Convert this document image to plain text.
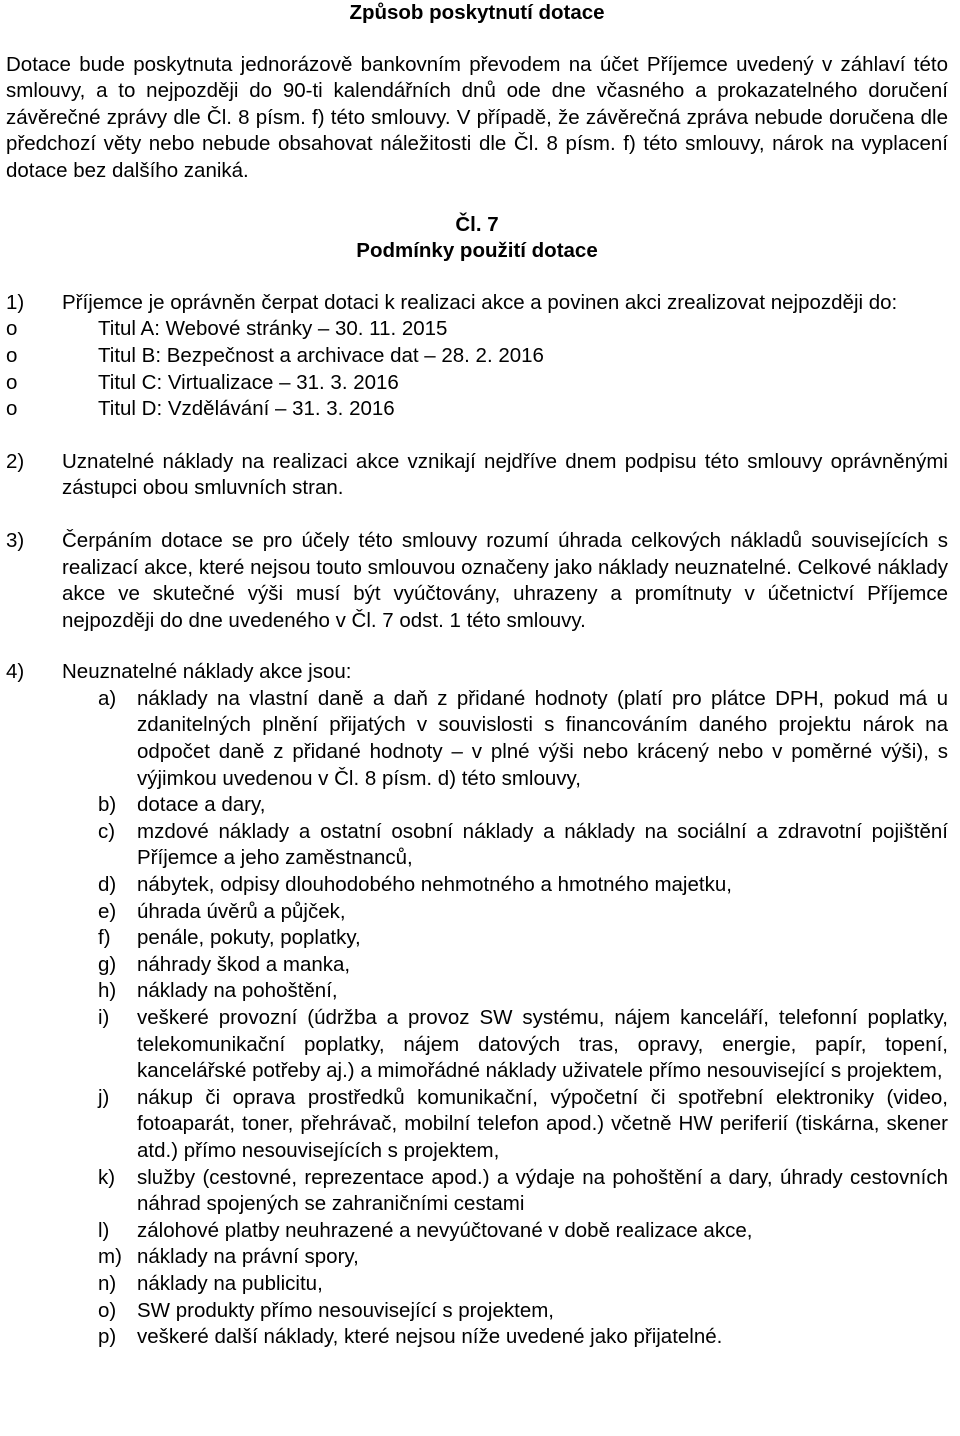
Způsob poskytnutí dotace

Dotace bude poskytnuta jednorázově bankovním převodem na účet Příjemce uvedený v záhlaví této smlouvy, a to nejpozději do 90-ti kalendářních dnů ode dne včasného a prokazatelného doručení závěrečné zprávy dle Čl. 8 písm. f) této smlouvy. V případě, že závěrečná zpráva nebude doručena dle předchozí věty nebo nebude obsahovat náležitosti dle Čl. 8 písm. f) této smlouvy, nárok na vyplacení dotace bez dalšího zaniká.

Čl. 7

Podmínky použití dotace

1) Příjemce je oprávněn čerpat dotaci k realizaci akce a povinen akci zrealizovat nejpozději do:
o	Titul A: Webové stránky – 30. 11. 2015
o	Titul B: Bezpečnost a archivace dat – 28. 2. 2016
o	Titul C: Virtualizace – 31. 3. 2016
o	Titul D: Vzdělávání – 31. 3. 2016
2) Uznatelné náklady na realizaci akce vznikají nejdříve dnem podpisu této smlouvy oprávněnými zástupci obou smluvních stran.
3) Čerpáním dotace se pro účely této smlouvy rozumí úhrada celkových nákladů souvisejících s realizací akce, které nejsou touto smlouvou označeny jako náklady neuznatelné. Celkové náklady akce ve skutečné výši musí být vyúčtovány, uhrazeny a promítnuty v účetnictví Příjemce nejpozději do dne uvedeného v Čl. 7 odst. 1 této smlouvy.
4) Neuznatelné náklady akce jsou:
a) náklady na vlastní daně a daň z přidané hodnoty (platí pro plátce DPH, pokud má u zdanitelných plnění přijatých v souvislosti s financováním daného projektu nárok na odpočet daně z přidané hodnoty – v plné výši nebo krácený nebo v poměrné výši), s výjimkou uvedenou v Čl. 8 písm. d) této smlouvy,
b) dotace a dary,
c) mzdové náklady a ostatní osobní náklady a náklady na sociální a zdravotní pojištění Příjemce a jeho zaměstnanců,
d) nábytek, odpisy dlouhodobého nehmotného a hmotného majetku,
e) úhrada úvěrů a půjček,
f) penále, pokuty, poplatky,
g) náhrady škod a manka,
h) náklady na pohoštění,
i) veškeré provozní (údržba a provoz SW systému, nájem kanceláří, telefonní poplatky, telekomunikační poplatky, nájem datových tras, opravy, energie, papír, topení, kancelářské potřeby aj.) a mimořádné náklady uživatele přímo nesouvisející s projektem,
j) nákup či oprava prostředků komunikační, výpočetní či spotřební elektroniky (video, fotoaparát, toner, přehrávač, mobilní telefon apod.) včetně HW periferií (tiskárna, skener atd.) přímo nesouvisejících s projektem,
k) služby (cestovné, reprezentace apod.) a výdaje na pohoštění a dary, úhrady cestovních náhrad spojených se zahraničními cestami
l) zálohové platby neuhrazené a nevyúčtované v době realizace akce,
m) náklady na právní spory,
n) náklady na publicitu,
o) SW produkty přímo nesouvisející s projektem,
p) veškeré další náklady, které nejsou níže uvedené jako přijatelné.
